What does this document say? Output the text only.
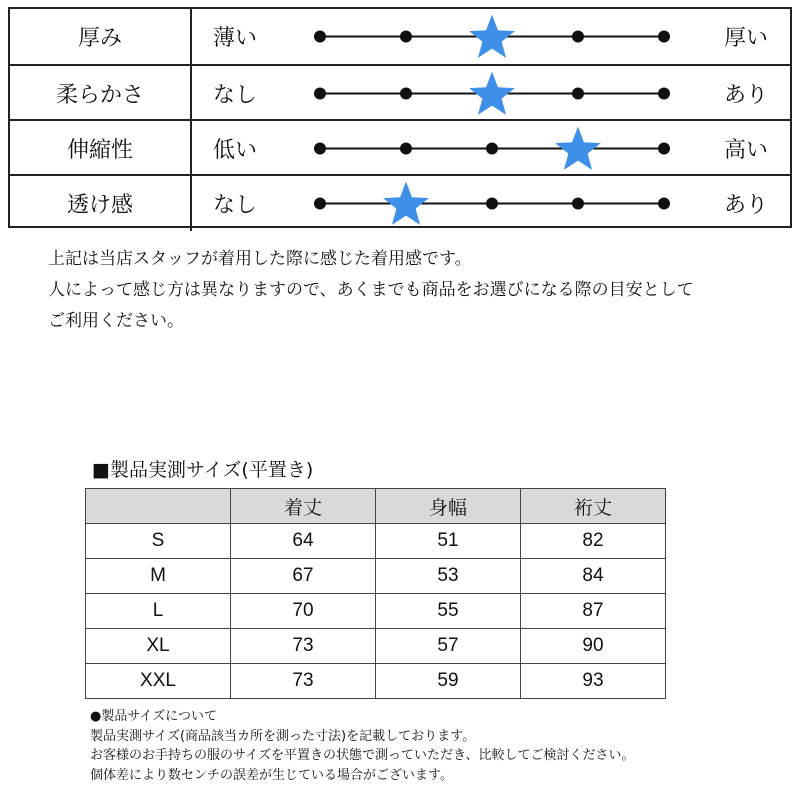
厚み	薄い	厚い
柔らかさ	なし	あり
伸縮性	低い	高い
透け感	なし	あり

上記は当店スタッフが着用した際に感じた着用感です。

人によって感じ方は異なりますので、あくまでも商品をお選びになる際の目安として

ご利用ください。

■製品実測サイズ(平置き)
	着丈	身幅	裄丈
S	64	51	82
M	67	53	84
L	70	55	87
XL	73	57	90
XXL	73	59	93

●製品サイズについて

製品実測サイズ(商品該当カ所を測った寸法)を記載しております。

お客様のお手持ちの服のサイズを平置きの状態で測っていただき、比較してご検討ください。

個体差により数センチの誤差が生じている場合がございます。
